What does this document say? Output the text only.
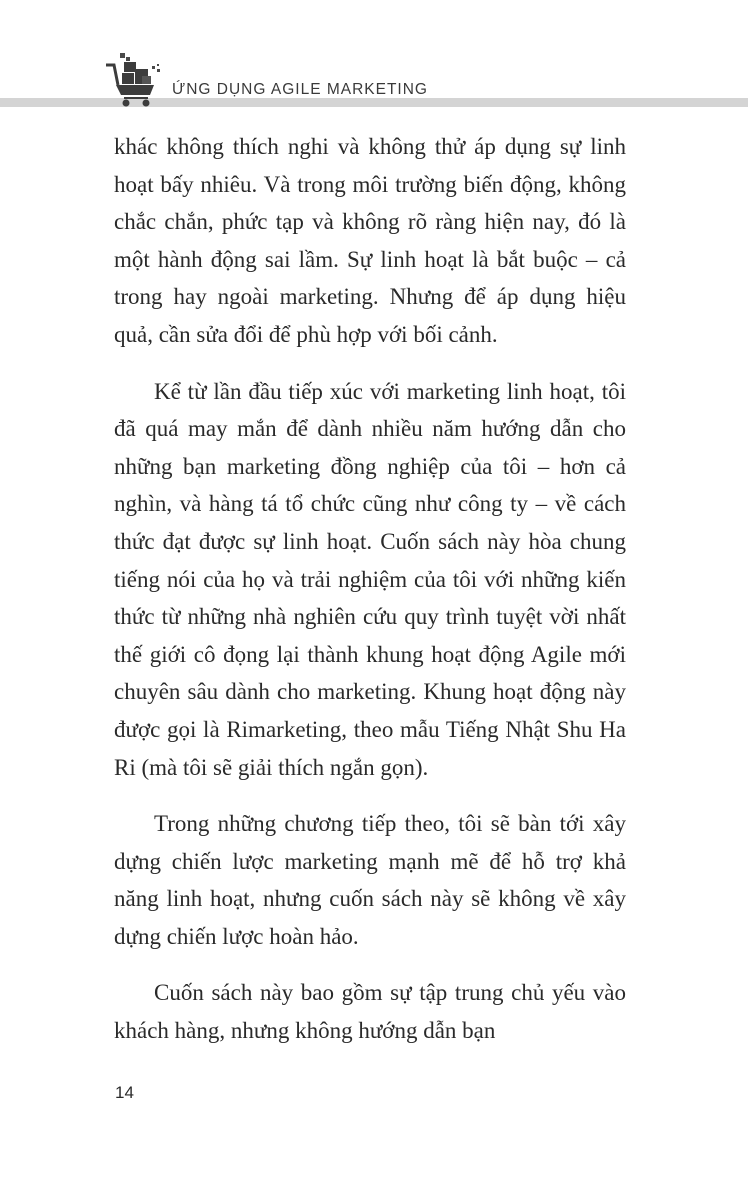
ỨNG DỤNG AGILE MARKETING

khác không thích nghi và không thử áp dụng sự linh hoạt bấy nhiêu. Và trong môi trường biến động, không chắc chắn, phức tạp và không rõ ràng hiện nay, đó là một hành động sai lầm. Sự linh hoạt là bắt buộc – cả trong hay ngoài marketing. Nhưng để áp dụng hiệu quả, cần sửa đổi để phù hợp với bối cảnh.

Kể từ lần đầu tiếp xúc với marketing linh hoạt, tôi đã quá may mắn để dành nhiều năm hướng dẫn cho những bạn marketing đồng nghiệp của tôi – hơn cả nghìn, và hàng tá tổ chức cũng như công ty – về cách thức đạt được sự linh hoạt. Cuốn sách này hòa chung tiếng nói của họ và trải nghiệm của tôi với những kiến thức từ những nhà nghiên cứu quy trình tuyệt vời nhất thế giới cô đọng lại thành khung hoạt động Agile mới chuyên sâu dành cho marketing. Khung hoạt động này được gọi là Rimarketing, theo mẫu Tiếng Nhật Shu Ha Ri (mà tôi sẽ giải thích ngắn gọn).

Trong những chương tiếp theo, tôi sẽ bàn tới xây dựng chiến lược marketing mạnh mẽ để hỗ trợ khả năng linh hoạt, nhưng cuốn sách này sẽ không về xây dựng chiến lược hoàn hảo.

Cuốn sách này bao gồm sự tập trung chủ yếu vào khách hàng, nhưng không hướng dẫn bạn

14
